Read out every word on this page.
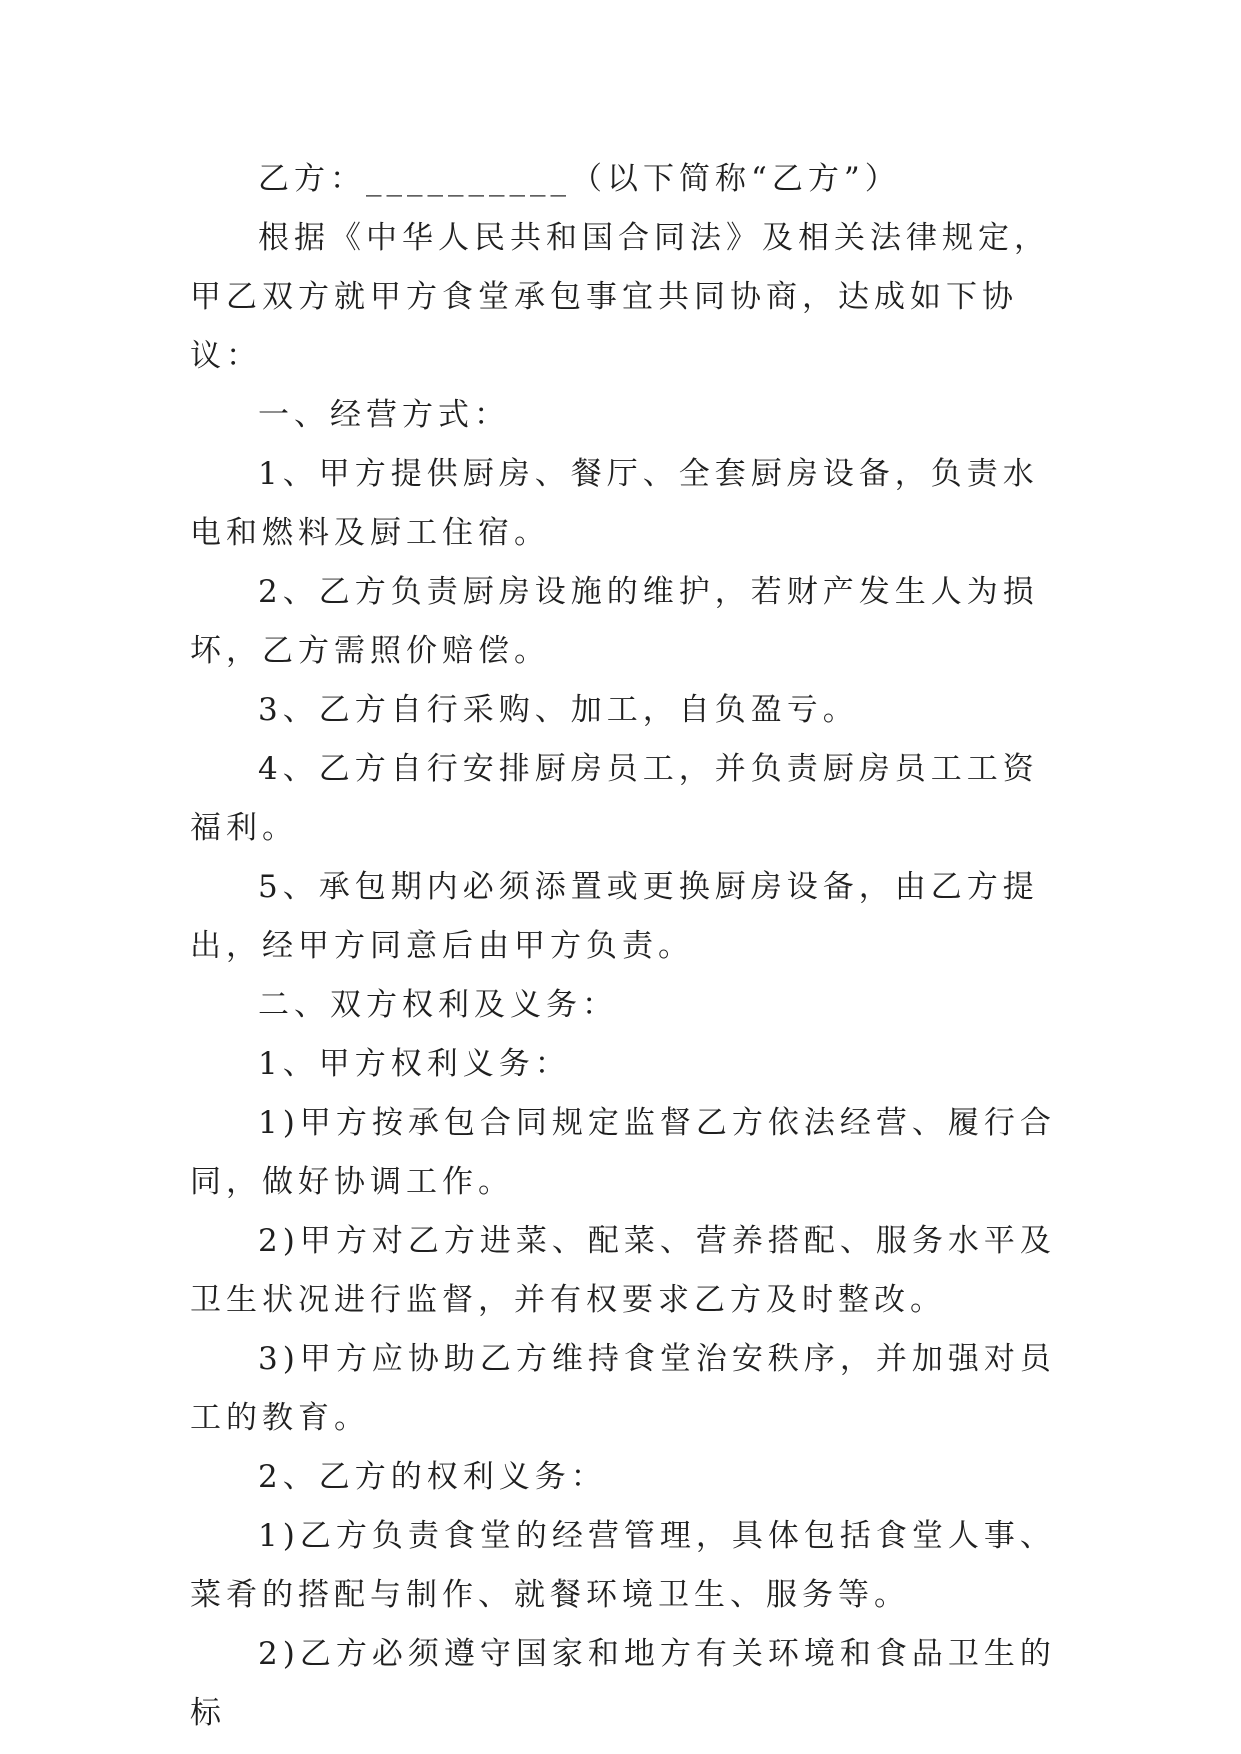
乙方：__________（以下简称“乙方”）

根据《中华人民共和国合同法》及相关法律规定，甲乙双方就甲方食堂承包事宜共同协商，达成如下协议：

一、经营方式：

1、甲方提供厨房、餐厅、全套厨房设备，负责水电和燃料及厨工住宿。

2、乙方负责厨房设施的维护，若财产发生人为损坏，乙方需照价赔偿。

3、乙方自行采购、加工，自负盈亏。

4、乙方自行安排厨房员工，并负责厨房员工工资福利。

5、承包期内必须添置或更换厨房设备，由乙方提出，经甲方同意后由甲方负责。

二、双方权利及义务：

1、甲方权利义务：

1)甲方按承包合同规定监督乙方依法经营、履行合同，做好协调工作。

2)甲方对乙方进菜、配菜、营养搭配、服务水平及卫生状况进行监督，并有权要求乙方及时整改。

3)甲方应协助乙方维持食堂治安秩序，并加强对员工的教育。

2、乙方的权利义务：

1)乙方负责食堂的经营管理，具体包括食堂人事、菜肴的搭配与制作、就餐环境卫生、服务等。

2)乙方必须遵守国家和地方有关环境和食品卫生的标
